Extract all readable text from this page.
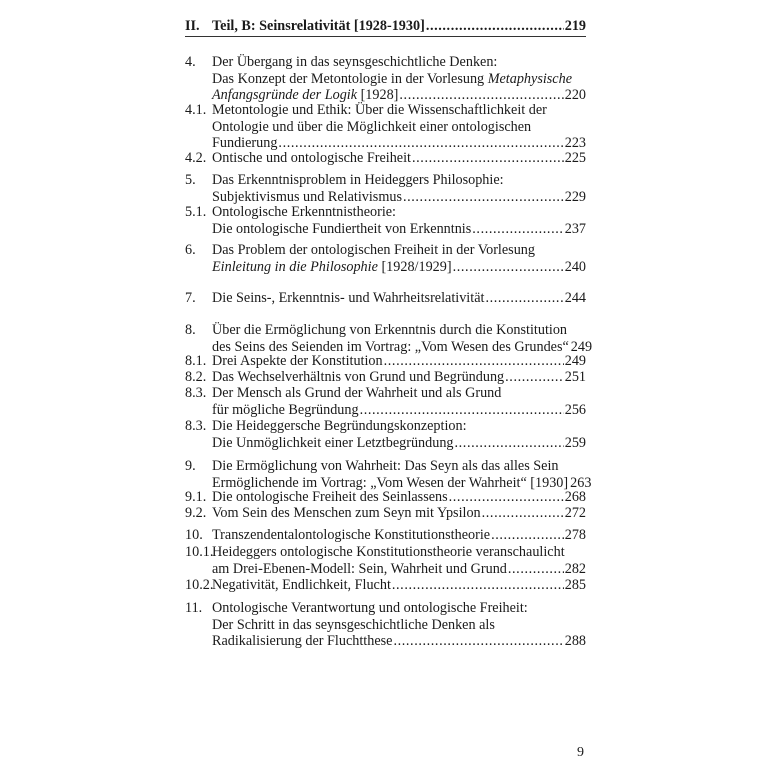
II. Teil, B: Seinsrelativität [1928-1930] .....	219
4.	Der Übergang in das seynsgeschichtliche Denken:
Das Konzept der Metontologie in der Vorlesung Metaphysische
Anfangsgründe der Logik [1928] .....	220
4.1. Metontologie und Ethik: Über die Wissenschaftlichkeit der
Ontologie und über die Möglichkeit einer ontologischen
Fundierung .....	223
4.2. Ontische und ontologische Freiheit .....	225
5.	Das Erkenntnisproblem in Heideggers Philosophie:
Subjektivismus und Relativismus .....	229
5.1. Ontologische Erkenntnistheorie:
Die ontologische Fundiertheit von Erkenntnis .....	237
6.	Das Problem der ontologischen Freiheit in der Vorlesung
Einleitung in die Philosophie [1928/1929] .....	240
7.	Die Seins-, Erkenntnis- und Wahrheitsrelativität .....	244
8.	Über die Ermöglichung von Erkenntnis durch die Konstitution
des Seins des Seienden im Vortrag: „Vom Wesen des Grundes“ 249
8.1. Drei Aspekte der Konstitution .....	249
8.2. Das Wechselverhältnis von Grund und Begründung .....	251
8.3. Der Mensch als Grund der Wahrheit und als Grund
für mögliche Begründung .....	256
8.3. Die Heideggersche Begründungskonzeption:
Die Unmöglichkeit einer Letztbegründung .....	259
9.	Die Ermöglichung von Wahrheit: Das Seyn als das alles Sein
Ermöglichende im Vortrag: „Vom Wesen der Wahrheit“ [1930] 263
9.1. Die ontologische Freiheit des Seinlassens .....	268
9.2. Vom Sein des Menschen zum Seyn mit Ypsilon .....	272
10. Transzendentalontologische Konstitutionstheorie .....	278
10.1.
Heideggers ontologische Konstitutionstheorie veranschaulicht
am Drei-Ebenen-Modell: Sein, Wahrheit und Grund .....	282
10.2.
Negativität, Endlichkeit, Flucht .....	285
11. Ontologische Verantwortung und ontologische Freiheit:
Der Schritt in das seynsgeschichtliche Denken als
Radikalisierung der Fluchtthese .....	288
9
